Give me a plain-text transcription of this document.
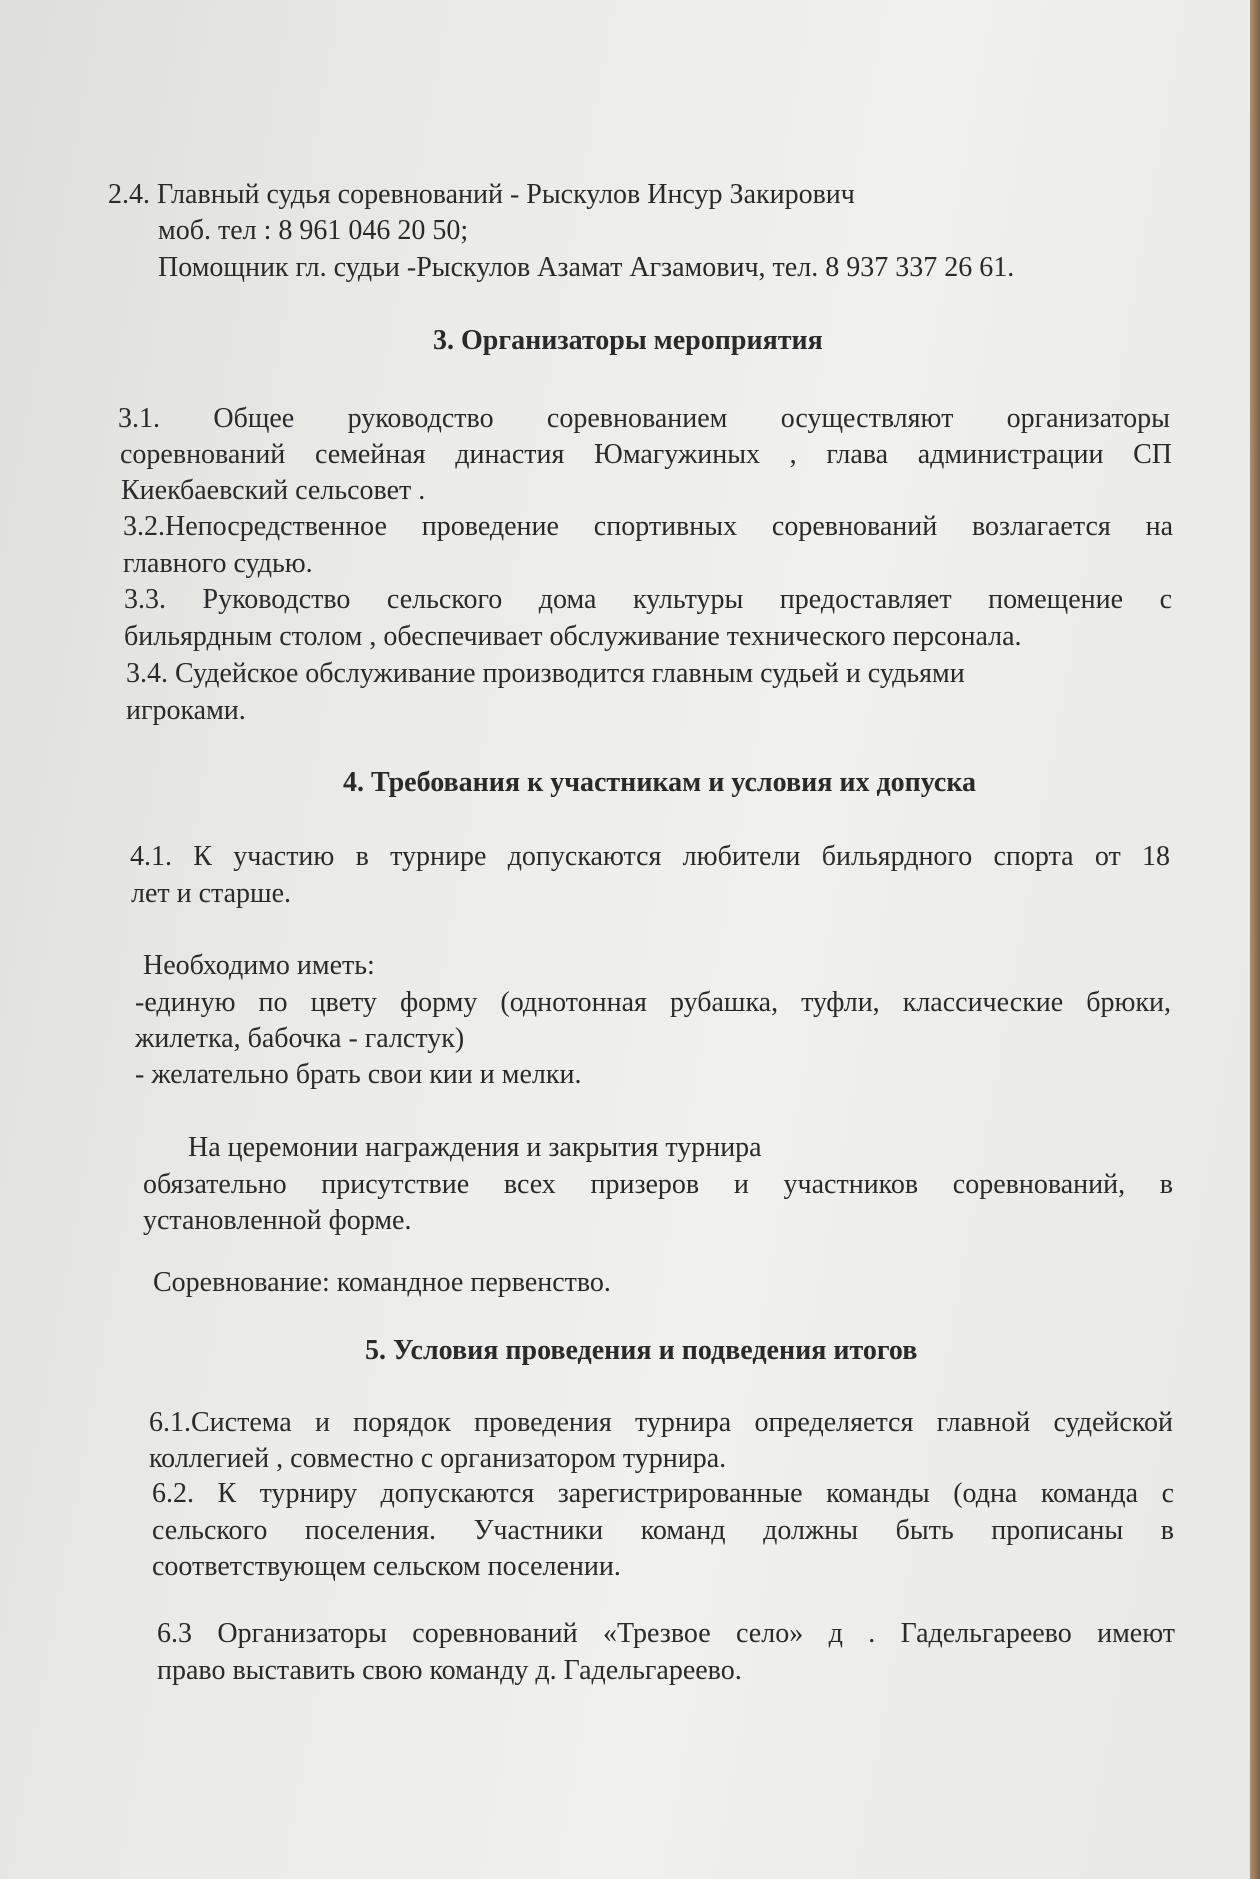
2.4. Главный судья соревнований - Рыскулов Инсур Закирович
моб. тел : 8 961 046 20 50;
Помощник гл. судьи -Рыскулов Азамат Агзамович, тел. 8 937 337 26 61.
3. Организаторы мероприятия
3.1. Общее руководство соревнованием осуществляют организаторы
соревнований семейная династия Юмагужиных , глава администрации СП
Киекбаевский сельсовет .
3.2.Непосредственное проведение спортивных соревнований возлагается на
главного судью.
3.3. Руководство сельского дома культуры предоставляет помещение с
бильярдным столом , обеспечивает обслуживание технического персонала.
3.4. Судейское обслуживание производится главным судьей и судьями
игроками.
4. Требования к участникам и условия их допуска
4.1. К участию в турнире допускаются любители бильярдного спорта от 18
лет и старше.
Необходимо иметь:
-единую по цвету форму (однотонная рубашка, туфли, классические брюки,
жилетка, бабочка - галстук)
- желательно брать свои кии и мелки.
На церемонии награждения и закрытия турнира
обязательно присутствие всех призеров и участников соревнований, в
установленной форме.
Соревнование: командное первенство.
5. Условия проведения и подведения итогов
6.1.Система и порядок проведения турнира определяется главной судейской
коллегией , совместно с организатором турнира.
6.2. К турниру допускаются зарегистрированные команды (одна команда с
сельского поселения. Участники команд должны быть прописаны в
соответствующем сельском поселении.
6.3 Организаторы соревнований «Трезвое село» д . Гадельгареево имеют
право выставить свою команду д. Гадельгареево.
